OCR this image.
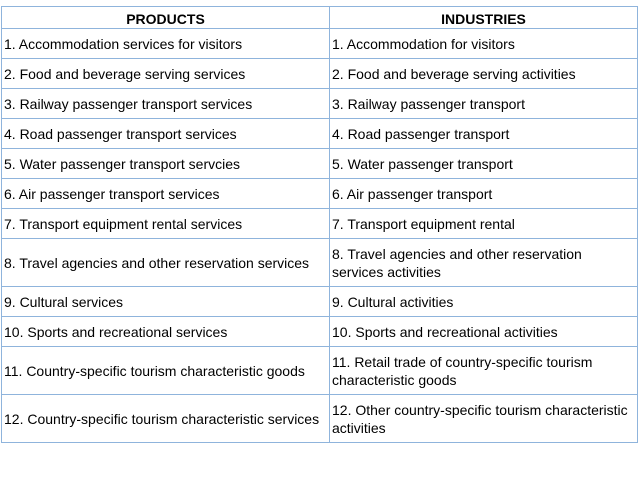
PRODUCTS	INDUSTRIES
1. Accommodation services for visitors	1. Accommodation for visitors
2. Food and beverage serving services	2. Food and beverage serving activities
3. Railway passenger transport services	3. Railway passenger transport
4. Road passenger transport services	4. Road passenger transport
5. Water passenger transport servcies	5. Water passenger transport
6. Air passenger transport services	6. Air passenger transport
7. Transport equipment rental services	7. Transport equipment rental
8. Travel agencies and other reservation services	8. Travel agencies and other reservation services activities
9. Cultural services	9. Cultural activities
10. Sports and recreational services	10. Sports and recreational activities
11. Country-specific tourism characteristic goods	11. Retail trade of country-specific tourism characteristic goods
12. Country-specific tourism characteristic services	12. Other country-specific tourism characteristic activities
